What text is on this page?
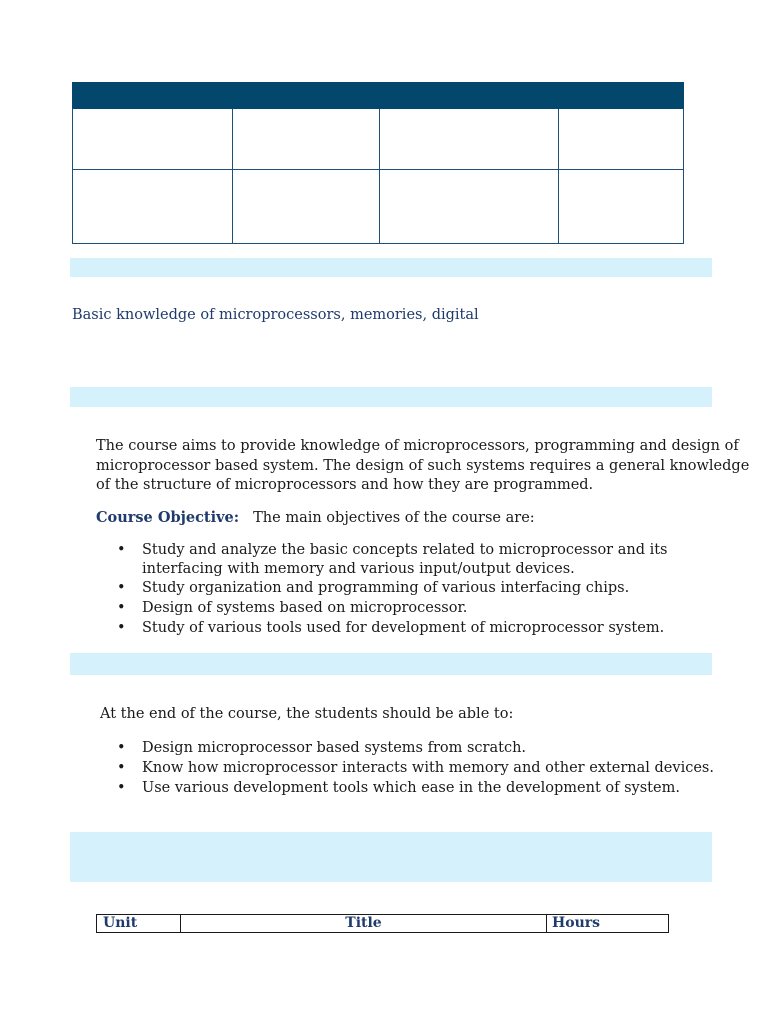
Basic knowledge of microprocessors, memories, digital
The course aims to provide knowledge of microprocessors, programming and design of
microprocessor based system. The design of such systems requires a general knowledge
of the structure of microprocessors and how they are programmed.
Course Objective: The main objectives of the course are:
• Study and analyze the basic concepts related to microprocessor and its
interfacing with memory and various input/output devices.
• Study organization and programming of various interfacing chips.
• Design of systems based on microprocessor.
• Study of various tools used for development of microprocessor system.
At the end of the course, the students should be able to:
• Design microprocessor based systems from scratch.
• Know how microprocessor interacts with memory and other external devices.
• Use various development tools which ease in the development of system.
Unit	Title	Hours
